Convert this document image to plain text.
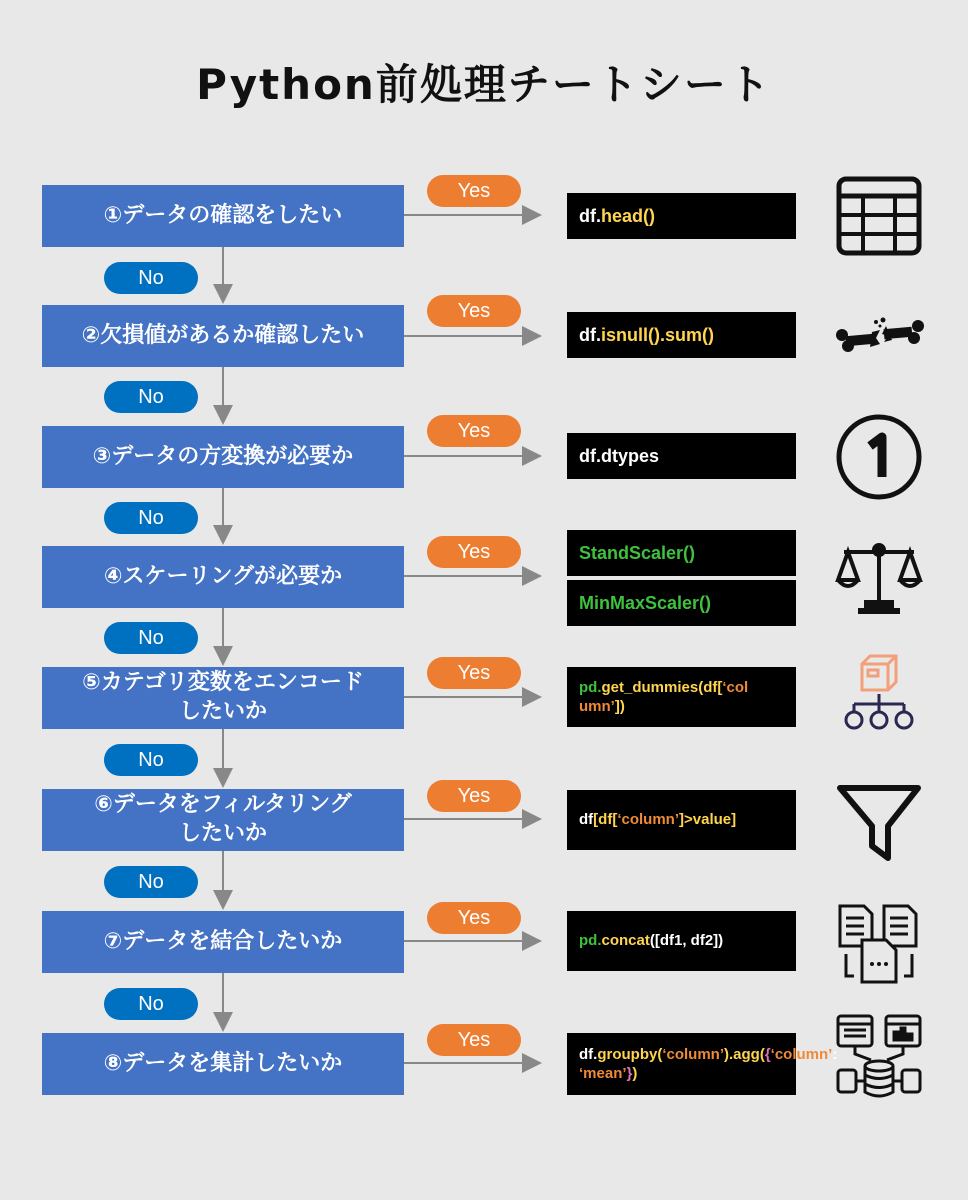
Python前処理チートシート
①データの確認をしたい
②欠損値があるか確認したい
③データの方変換が必要か
④スケーリングが必要か
⑤カテゴリ変数をエンコード
したいか
⑥データをフィルタリング
したいか
⑦データを結合したいか
⑧データを集計したいか
Yes
Yes
Yes
Yes
Yes
Yes
Yes
Yes
No
No
No
No
No
No
No
df. head()
df. isnull().sum()
df.dtypes
StandScaler()
MinMaxScaler()
pd.get_dummies(df[‘col umn’])
df[df[‘column’]>value]
pd.concat([df1, df2])
df.groupby(‘column’).agg({‘column’: ‘mean’})
